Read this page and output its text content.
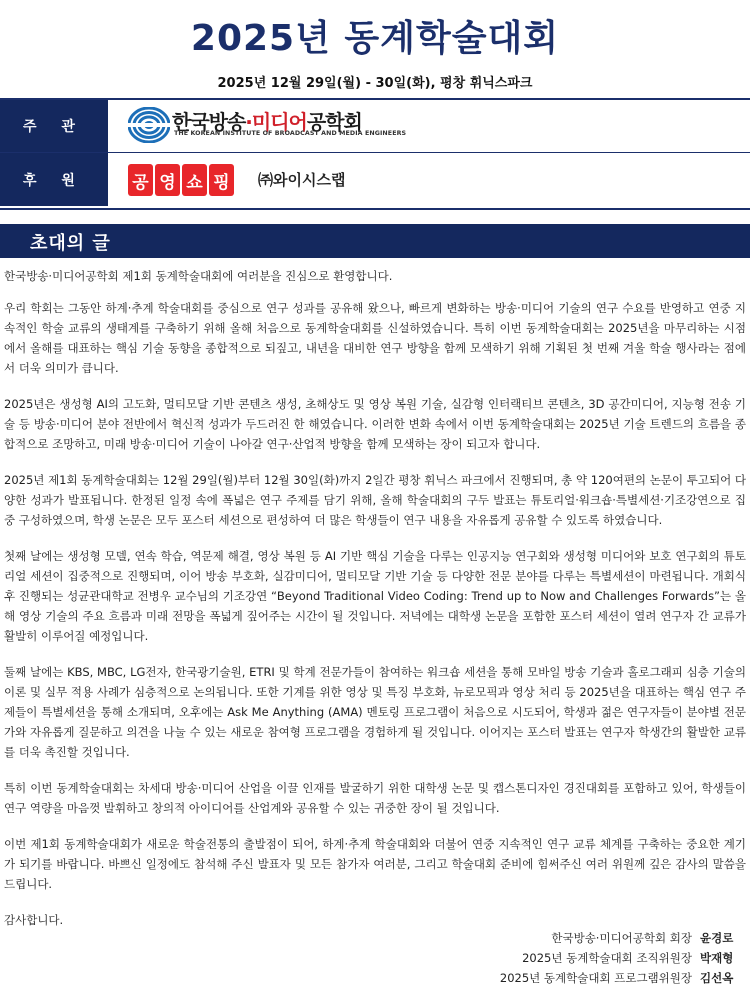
2025년 동계학술대회
2025년 12월 29일(월) - 30일(화), 평창 휘닉스파크
주 관	한국방송·미디어공학회
THE KOREAN INSTITUTE OF BROADCAST AND MEDIA ENGINEERS
후 원	공 영 쇼 핑 ㈜와이시스랩
초대의 글

한국방송·미디어공학회 제1회 동계학술대회에 여러분을 진심으로 환영합니다.

우리 학회는 그동안 하계·추계 학술대회를 중심으로 연구 성과를 공유해 왔으나, 빠르게 변화하는 방송·미디어 기술의 연구 수요를 반영하고 연중 지속적인 학술 교류의 생태계를 구축하기 위해 올해 처음으로 동계학술대회를 신설하였습니다. 특히 이번 동계학술대회는 2025년을 마무리하는 시점에서 올해를 대표하는 핵심 기술 동향을 종합적으로 되짚고, 내년을 대비한 연구 방향을 함께 모색하기 위해 기획된 첫 번째 겨울 학술 행사라는 점에서 더욱 의미가 큽니다.

2025년은 생성형 AI의 고도화, 멀티모달 기반 콘텐츠 생성, 초해상도 및 영상 복원 기술, 실감형 인터랙티브 콘텐츠, 3D 공간미디어, 지능형 전송 기술 등 방송·미디어 분야 전반에서 혁신적 성과가 두드러진 한 해였습니다. 이러한 변화 속에서 이번 동계학술대회는 2025년 기술 트렌드의 흐름을 종합적으로 조망하고, 미래 방송·미디어 기술이 나아갈 연구·산업적 방향을 함께 모색하는 장이 되고자 합니다.

2025년 제1회 동계학술대회는 12월 29일(월)부터 12월 30일(화)까지 2일간 평창 휘닉스 파크에서 진행되며, 총 약 120여편의 논문이 투고되어 다양한 성과가 발표됩니다. 한정된 일정 속에 폭넓은 연구 주제를 담기 위해, 올해 학술대회의 구두 발표는 튜토리얼·워크숍·특별세션·기조강연으로 집중 구성하였으며, 학생 논문은 모두 포스터 세션으로 편성하여 더 많은 학생들이 연구 내용을 자유롭게 공유할 수 있도록 하였습니다.

첫째 날에는 생성형 모델, 연속 학습, 역문제 해결, 영상 복원 등 AI 기반 핵심 기술을 다루는 인공지능 연구회와 생성형 미디어와 보호 연구회의 튜토리얼 세션이 집중적으로 진행되며, 이어 방송 부호화, 실감미디어, 멀티모달 기반 기술 등 다양한 전문 분야를 다루는 특별세션이 마련됩니다. 개회식 후 진행되는 성균관대학교 전병우 교수님의 기조강연 “Beyond Traditional Video Coding: Trend up to Now and Challenges Forwards”는 올해 영상 기술의 주요 흐름과 미래 전망을 폭넓게 짚어주는 시간이 될 것입니다. 저녁에는 대학생 논문을 포함한 포스터 세션이 열려 연구자 간 교류가 활발히 이루어질 예정입니다.

둘째 날에는 KBS, MBC, LG전자, 한국광기술원, ETRI 및 학계 전문가들이 참여하는 워크숍 세션을 통해 모바일 방송 기술과 홀로그래피 심층 기술의 이론 및 실무 적용 사례가 심층적으로 논의됩니다. 또한 기계를 위한 영상 및 특징 부호화, 뉴로모픽과 영상 처리 등 2025년을 대표하는 핵심 연구 주제들이 특별세션을 통해 소개되며, 오후에는 Ask Me Anything (AMA) 멘토링 프로그램이 처음으로 시도되어, 학생과 젊은 연구자들이 분야별 전문가와 자유롭게 질문하고 의견을 나눌 수 있는 새로운 참여형 프로그램을 경험하게 될 것입니다. 이어지는 포스터 발표는 연구자 학생간의 활발한 교류를 더욱 촉진할 것입니다.

특히 이번 동계학술대회는 차세대 방송·미디어 산업을 이끌 인재를 발굴하기 위한 대학생 논문 및 캡스톤디자인 경진대회를 포함하고 있어, 학생들이 연구 역량을 마음껏 발휘하고 창의적 아이디어를 산업계와 공유할 수 있는 귀중한 장이 될 것입니다.

이번 제1회 동계학술대회가 새로운 학술전통의 출발점이 되어, 하계·추계 학술대회와 더불어 연중 지속적인 연구 교류 체계를 구축하는 중요한 계기가 되기를 바랍니다. 바쁘신 일정에도 참석해 주신 발표자 및 모든 참가자 여러분, 그리고 학술대회 준비에 힘써주신 여러 위원께 깊은 감사의 말씀을 드립니다.

감사합니다.

한국방송·미디어공학회 회장 윤경로
2025년 동계학술대회 조직위원장 박재형
2025년 동계학술대회 프로그램위원장 김선옥
